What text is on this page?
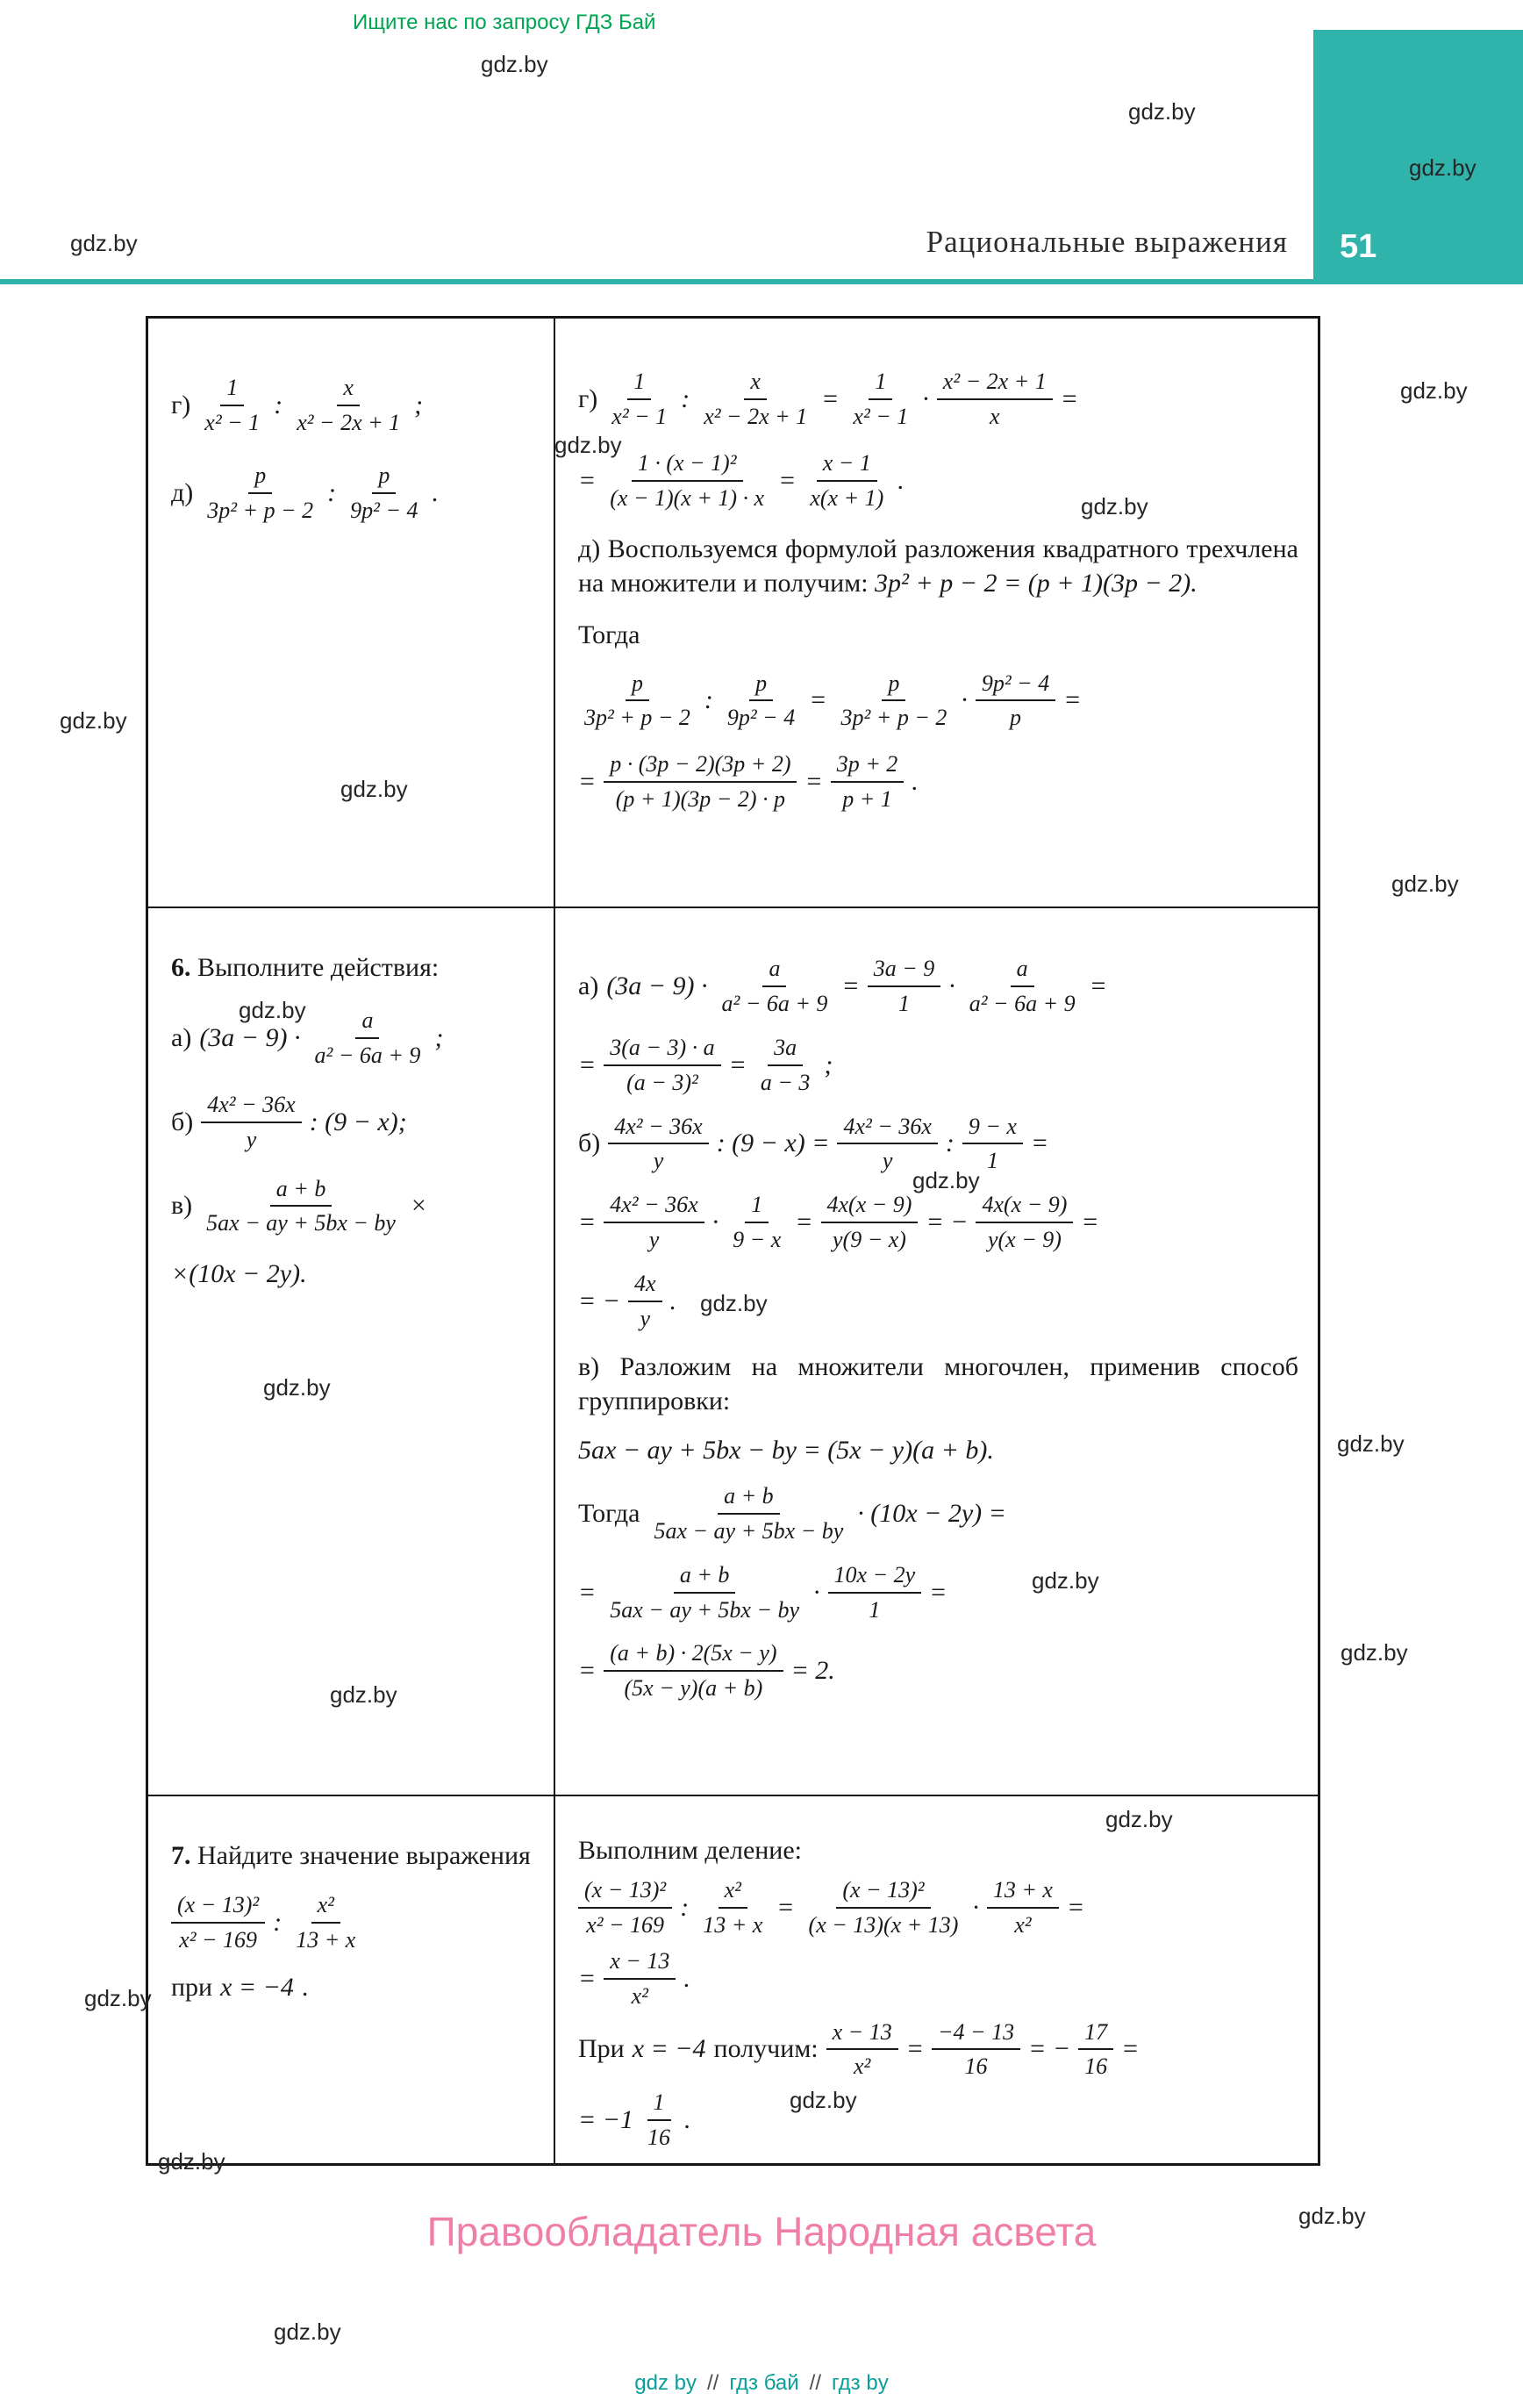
Ищите нас по запросу ГДЗ Бай
51
Рациональные выражения
$г) \frac{1}{\text{x² − 1}}$ : $\frac{x}{\text{x² − 2x + 1}}$ ;
$д) \frac{p}{\text{3p² + p − 2}}$ : $\frac{p}{\text{9p² − 4}}$ .
$г) \frac{1}{\text{x² − 1}}$ : $\frac{x}{\text{x² − 2x + 1}} = \frac{1}{\text{x² − 1}} \cdot \frac{\text{x² − 2x + 1}}{x}$ =
= $\frac{\text{1 · (x − 1)²}}{(x - 1)(x + 1) \cdot x} = \frac{x - 1}{x(x + 1)}$ .
д) Воспользуемся формулой разложения квадратного трехчлена на множители и получим: 3p² + p − 2 = (p + 1)(3p − 2).
Тогда
$\frac{p}{\text{3p² + p − 2}}$ : $\frac{p}{\text{9p² − 4}} = \frac{p}{\text{3p² + p − 2}} \cdot \frac{\text{9p² − 4}}{p}$ =
= $\frac{p \cdot (3p - 2)(3p + 2)}{(p + 1)(3p - 2) \cdot p} = \frac{3p + 2}{p + 1}$ .
6. Выполните действия:
а) $(3a - 9) \cdot \frac{a}{\text{a² − 6a + 9}}$ ;
$б) \frac{\text{4x² − 36x}}{y}$ : (9 − x);
$в) \frac{a + b}{5ax - ay + 5bx - by}$ ×
×(10x − 2y).
а) $(3a - 9) \cdot \frac{a}{\text{a² − 6a + 9}} = \frac{3a - 9}{1} \cdot \frac{a}{\text{a² − 6a + 9}}$ =
= $\frac{3(a - 3) \cdot a}{\text{(a − 3)²}} = \frac{3a}{a - 3}$ ;
$б) \frac{\text{4x² − 36x}}{y}$ : $(9 - x) = \frac{\text{4x² − 36x}}{y}$ : $\frac{9 - x}{1}$ =
= $\frac{\text{4x² − 36x}}{y} \cdot \frac{1}{9 - x} = \frac{4x(x - 9)}{y(9 - x)}$ = − $\frac{4x(x - 9)}{y(x - 9)}$ =
= − $\frac{4x}{y}$ .
в) Разложим на множители многочлен, применив способ группировки:
5ax − ay + 5bx − by = (5x − y)(a + b).
Тогда $\frac{a + b}{5ax - ay + 5bx - by} \cdot (10x - 2y)$ =
= $\frac{a + b}{5ax - ay + 5bx - by} \cdot \frac{10x - 2y}{1}$ =
= $\frac{(a + b) \cdot 2(5x - y)}{(5x - y)(a + b)} = 2$.
7. Найдите значение выражения
$\frac{\text{(x − 13)²}}{\text{x² − 169}}$ : $\frac{\text{x²}}{13 + x}$
при x = −4 .
Выполним деление:
$\frac{\text{(x − 13)²}}{\text{x² − 169}}$ : $\frac{\text{x²}}{13 + x} = \frac{\text{(x − 13)²}}{(x - 13)(x + 13)} \cdot \frac{13 + x}{\text{x²}}$ =
= $\frac{x - 13}{\text{x²}}$ .
При x = −4 получим: $\frac{x - 13}{\text{x²}} = \frac{-4 - 13}{16}$ = − $\frac{17}{16}$ =
= $-1 \frac{1}{16}$ .
Правообладатель Народная асвета
gdz by // гдз бай // гдз by
gdz.by
gdz.by
gdz.by
gdz.by
gdz.by
gdz.by
gdz.by
gdz.by
gdz.by
gdz.by
gdz.by
gdz.by
gdz.by
gdz.by
gdz.by
gdz.by
gdz.by
gdz.by
gdz.by
gdz.by
gdz.by
gdz.by
gdz.by
gdz.by
